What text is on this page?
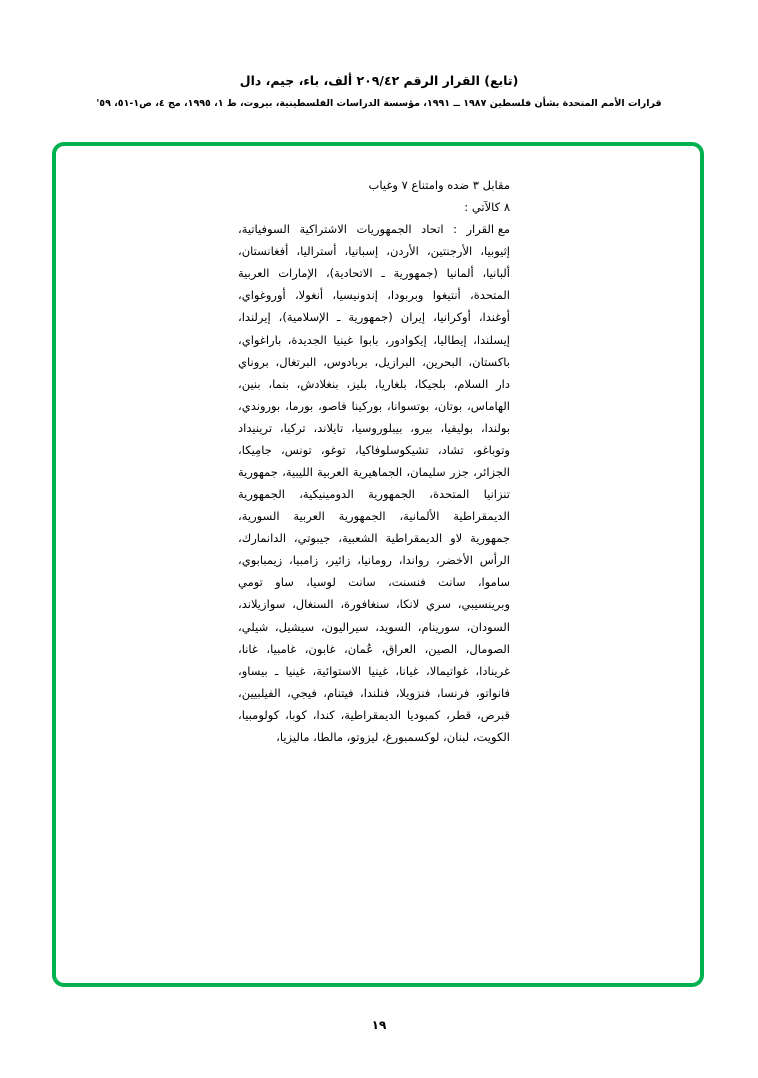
(تابع) القرار الرقم ٢٠٩/٤٢ ألف، باء، جيم، دال
قرارات الأمم المتحدة بشأن فلسطين ١٩٨٧ ــ ١٩٩١، مؤسسة الدراسات الفلسطينية، بيروت، ط ١، ١٩٩٥، مج ٤، ص١-٥١، ٥٩'

مقابل ٣ ضده وامتناع ٧ وغياب

٨ كالآتي :

مع القرار : اتحاد الجمهوريات الاشتراكية السوفياتية، إثيوبيا، الأرجنتين، الأردن، إسبانيا، أستراليا، أفغانستان، ألبانيا، ألمانيا (جمهورية ـ الاتحادية)، الإمارات العربية المتحدة، أنتيغوا وبربودا، إندونيسيا، أنغولا، أوروغواي، أوغندا، أوكرانيا، إيران (جمهورية ـ الإسلامية)، إيرلندا، إيسلندا، إيطاليا، إيكوادور، بابوا غينيا الجديدة، باراغواي، باكستان، البحرين، البرازيل، بربادوس، البرتغال، بروناي دار السلام، بلجيكا، بلغاريا، بليز، بنغلادش، بنما، بنين، الهاماس، بوتان، بوتسوانا، بوركينا فاصو، بورما، بوروندي، بولندا، بوليفيا، بيرو، بيبلوروسيا، تايلاند، تركيا، ترينيداد وتوباغو، تشاد، تشيكوسلوفاكيا، توغو، تونس، جامِيكا، الجزائر، جزر سليمان، الجماهيرية العربية الليبية، جمهورية تنزانيا المتحدة، الجمهورية الدومينيكية، الجمهورية الديمقراطية الألمانية، الجمهورية العربية السورية، جمهورية لاو الديمقراطية الشعبية، جيبوتي، الدانمارك، الرأس الأخضر، رواندا، رومانيا، زائير، زامبيا، زيمبابوي، ساموا، سانت فنسنت، سانت لوسيا، ساو تومي وبرينسيبي، سري لانكا، سنغافورة، السنغال، سوازيلاند، السودان، سورينام، السويد، سيراليون، سيشيل، شيلي، الصومال، الصين، العراق، عُمان، غابون، غامبيا، غانا، غرينادا، غواتيمالا، غيانا، غينيا الاستوائية، غينيا ـ بيساو، فانواتو، فرنسا، فنزويلا، فنلندا، فيتنام، فيجي، الفيلبيين، قبرص، قطر، كمبوديا الديمقراطية، كندا، كوبا، كولومبيا، الكويت، لبنان، لوكسمبورغ، ليزوتو، مالطا، ماليزيا،

١٩
